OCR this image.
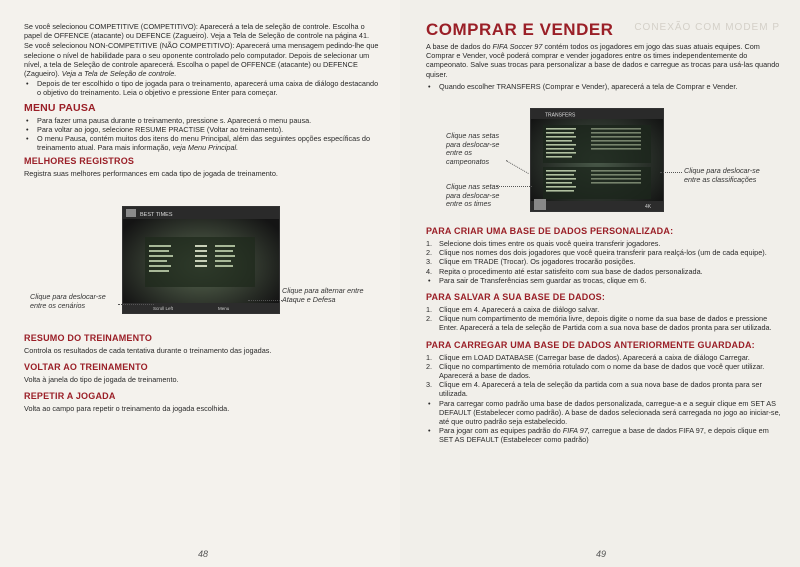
Se você selecionou COMPETITIVE (COMPETITIVO): Aparecerá a tela de seleção de controle. Escolha o papel de OFFENCE (atacante) ou DEFENCE (Zagueiro). Veja a Tela de Seleção de controle na página 41.

Se você selecionou NON-COMPETITIVE (NÃO COMPETITIVO): Aparecerá uma mensagem pedindo-lhe que selecione o nível de habilidade para o seu oponente controlado pelo computador. Depois de selecionar um nível, a tela de Seleção de controle aparecerá. Escolha o papel de OFFENCE (atacante) ou DEFENCE (Zagueiro). Veja a Tela de Seleção de controle.

• Depois de ter escolhido o tipo de jogada para o treinamento, aparecerá uma caixa de diálogo destacando o objetivo do treinamento. Leia o objetivo e pressione Enter para começar.

MENU PAUSA

• Para fazer uma pausa durante o treinamento, pressione s. Aparecerá o menu pausa.

• Para voltar ao jogo, selecione RESUME PRACTISE (Voltar ao treinamento).

• O menu Pausa, contém muitos dos itens do menu Principal, além das seguintes opções específicas do treinamento atual. Para mais informação, veja Menu Principal.

MELHORES REGISTROS

Registra suas melhores performances em cada tipo de jogada de treinamento.

BEST TIMES
Scroll Left	Menu
Clique para deslocar-se entre os cenários
Clique para alternar entre Ataque e Defesa
RESUMO DO TREINAMENTO

Controla os resultados de cada tentativa durante o treinamento das jogadas.

VOLTAR AO TREINAMENTO

Volta à janela do tipo de jogada de treinamento.

REPETIR A JOGADA

Volta ao campo para repetir o treinamento da jogada escolhida.

48
CONEXÃO COM MODEM P
COMPRAR E VENDER

A base de dados do FIFA Soccer 97 contém todos os jogadores em jogo das suas atuais equipes. Com Comprar e Vender, você poderá comprar e vender jogadores entre os times independentemente do campeonato. Salve suas trocas para personalizar a base de dados e carregue as trocas para usá-las quando quiser.

• Quando escolher TRANSFERS (Comprar e Vender), aparecerá a tela de Comprar e Vender.

TRANSFERS
4K
Clique nas setas para deslocar-se entre os campeonatos
Clique nas setas para deslocar-se entre os times
Clique para deslocar-se entre as classificações
PARA CRIAR UMA BASE DE DADOS PERSONALIZADA:

1. Selecione dois times entre os quais você queira transferir jogadores.

2. Clique nos nomes dos dois jogadores que você queira transferir para realçá-los (um de cada equipe).

3. Clique em TRADE (Trocar). Os jogadores trocarão posições.

4. Repita o procedimento até estar satisfeito com sua base de dados personalizada.

• Para sair de Transferências sem guardar as trocas, clique em 6.

PARA SALVAR A SUA BASE DE DADOS:

1. Clique em 4. Aparecerá a caixa de diálogo salvar.

2. Clique num compartimento de memória livre, depois digite o nome da sua base de dados e pressione Enter. Aparecerá a tela de seleção de Partida com a sua nova base de dados pronta para ser utilizada.

PARA CARREGAR UMA BASE DE DADOS ANTERIORMENTE GUARDADA:

1. Clique em LOAD DATABASE (Carregar base de dados). Aparecerá a caixa de diálogo Carregar.

2. Clique no compartimento de memória rotulado com o nome da base de dados que você quer utilizar. Aparecerá a base de dados.

3. Clique em 4. Aparecerá a tela de seleção da partida com a sua nova base de dados pronta para ser utilizada.

• Para carregar como padrão uma base de dados personalizada, carregue-a e a seguir clique em SET AS DEFAULT (Estabelecer como padrão). A base de dados selecionada será carregada no jogo ao iniciar-se, até que outro padrão seja estabelecido.

• Para jogar com as equipes padrão do FIFA 97, carregue a base de dados FIFA 97, e depois clique em SET AS DEFAULT (Estabelecer como padrão)

49
